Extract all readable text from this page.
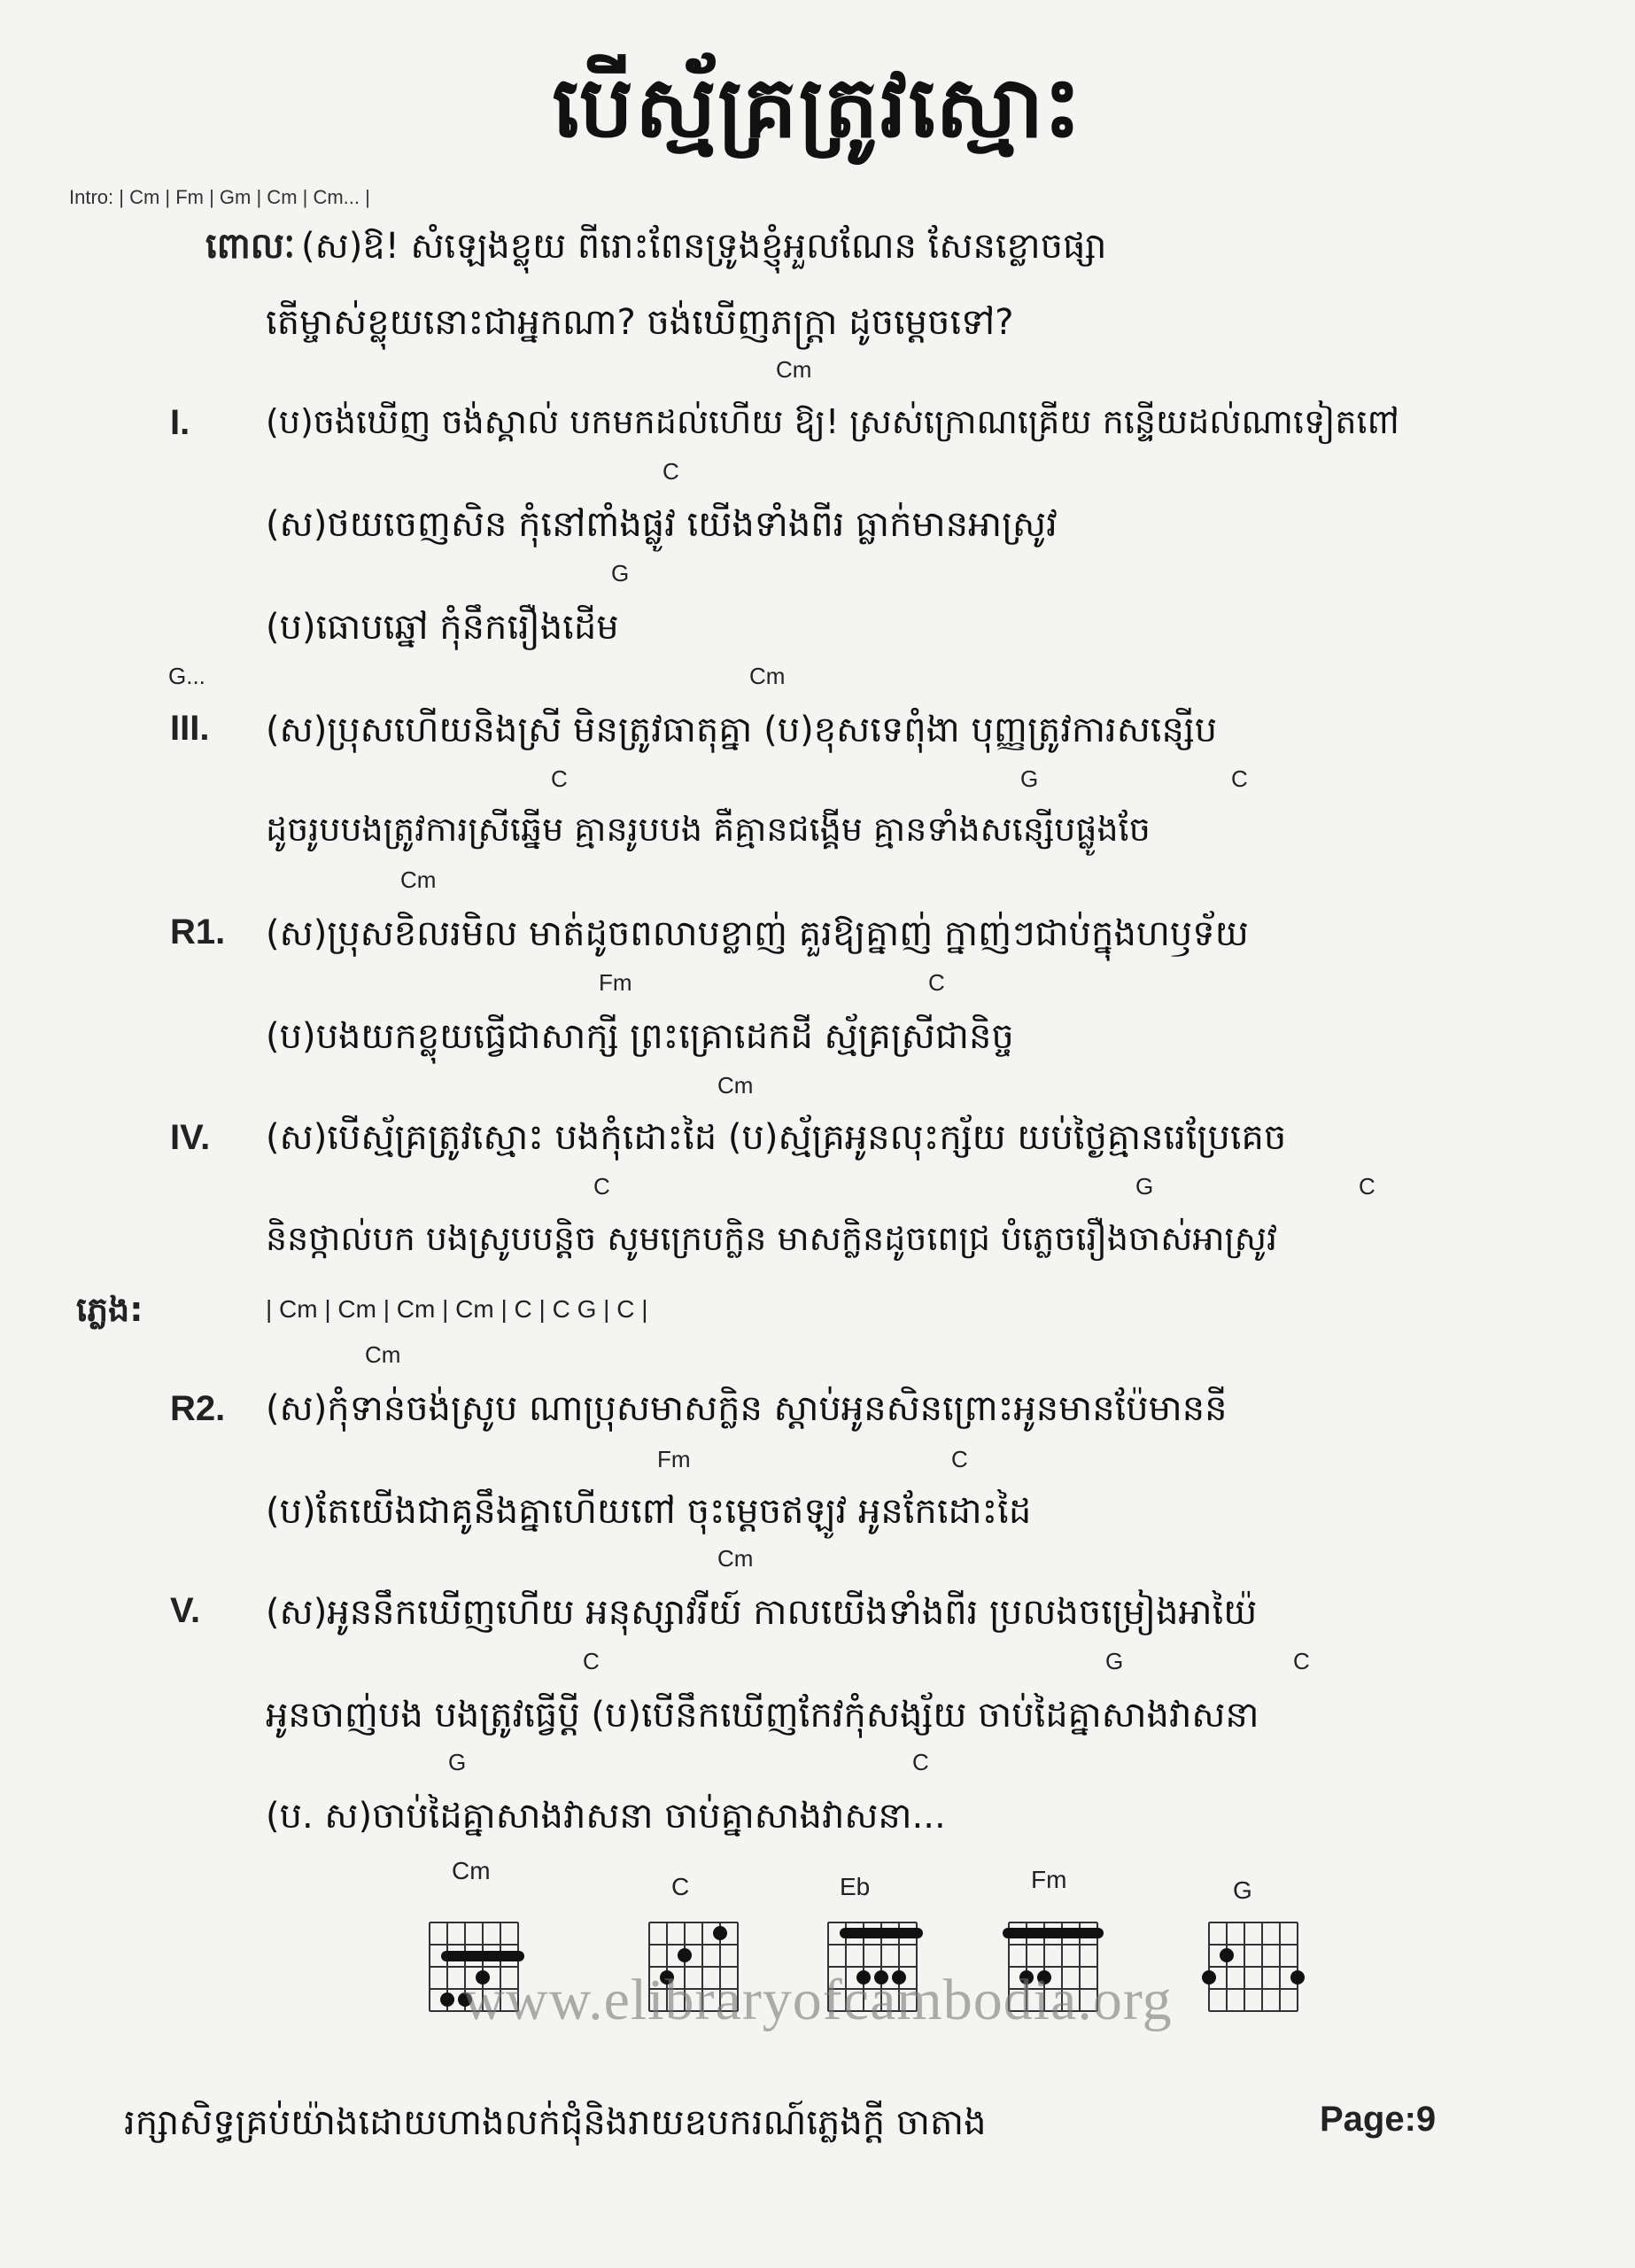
បើស្ម័គ្រត្រូវស្មោះ
Intro: | Cm | Fm | Gm | Cm | Cm... |
ពោលៈ (ស)ឱ! សំឡេងខ្លុយ ពីរោះពែនទ្រូងខ្ញុំអួលណែន សែនខ្លោចផ្សា
តើម្ចាស់ខ្លុយនោះជាអ្នកណា? ចង់ឃើញភក្ត្រា ដូចម្ដេចទៅ?
Cm
I. (ប)ចង់ឃើញ ចង់ស្គាល់ បកមកដល់ហើយ ឱ្យ! ស្រស់ក្រោណគ្រើយ កន្ទើយដល់ណាទៀតពៅ
C
(ស)ថយចេញសិន កុំនៅពាំងផ្លូវ យើងទាំងពីរ ធ្លាក់មានអាស្រូវ
G
(ប)ធោបឆ្នៅ កុំនឹករឿងដើម
G...	Cm
III. (ស)ប្រុសហើយនិងស្រី មិនត្រូវធាតុគ្នា (ប)ខុសទេពុំងា បុញ្ញត្រូវការសន្សើប
C	G	C
ដូចរូបបងត្រូវការស្រីឆ្នើម គ្មានរូបបង គឺគ្មានជង្គើម គ្មានទាំងសន្សើបផ្លូងចែ
Cm
R1. (ស)ប្រុសខិលរមិល មាត់ដូចពលាបខ្លាញ់ គួរឱ្យគ្នាញ់ ក្នាញ់ៗជាប់ក្នុងហឫទ័យ
Fm	C
(ប)បងយកខ្លុយធ្វើជាសាក្សី ព្រះគ្រោដេកដី ស្ម័គ្រស្រីជានិច្ច
Cm
IV. (ស)បើស្ម័គ្រត្រូវស្មោះ បងកុំដោះដៃ (ប)ស្ម័គ្រអូនលុះក្ស័យ យប់ថ្ងៃគ្មានរេប្រែគេច
C	G	C
និនថ្កាល់បក បងស្រូបបន្តិច សូមក្រេបក្លិន មាសក្លិនដូចពេជ្រ បំភ្លេចរឿងចាស់អាស្រូវ
ភ្លេង:	| Cm | Cm | Cm | Cm | C | C G | C |
Cm
R2. (ស)កុំទាន់ចង់ស្រូប ណាប្រុសមាសក្លិន ស្ដាប់អូនសិនព្រោះអូនមានប៉ែមាននី
Fm	C
(ប)តែយើងជាគូនឹងគ្នាហើយពៅ ចុះម្ដេចឥឡូវ អូនកែដោះដៃ
Cm
V. (ស)អូននឹកឃើញហើយ អនុស្សាវរីយ៍ កាលយើងទាំងពីរ ប្រលងចម្រៀងអាយ៉ៃ
C	G	C
អូនចាញ់បង បងត្រូវធ្វើប្ដី (ប)បើនឹកឃើញកែវកុំសង្ស័យ ចាប់ដៃគ្នាសាងវាសនា
G	C
(ប. ស)ចាប់ដៃគ្នាសាងវាសនា ចាប់គ្នាសាងវាសនា...
Cm
C	Eb	Fm	G
www.elibraryofcambodia.org
រក្សាសិទ្ធគ្រប់យ៉ាងដោយហាងលក់ជុំនិងរាយឧបករណ៍ភ្លេងក្ដី ចាតាង	Page:9
